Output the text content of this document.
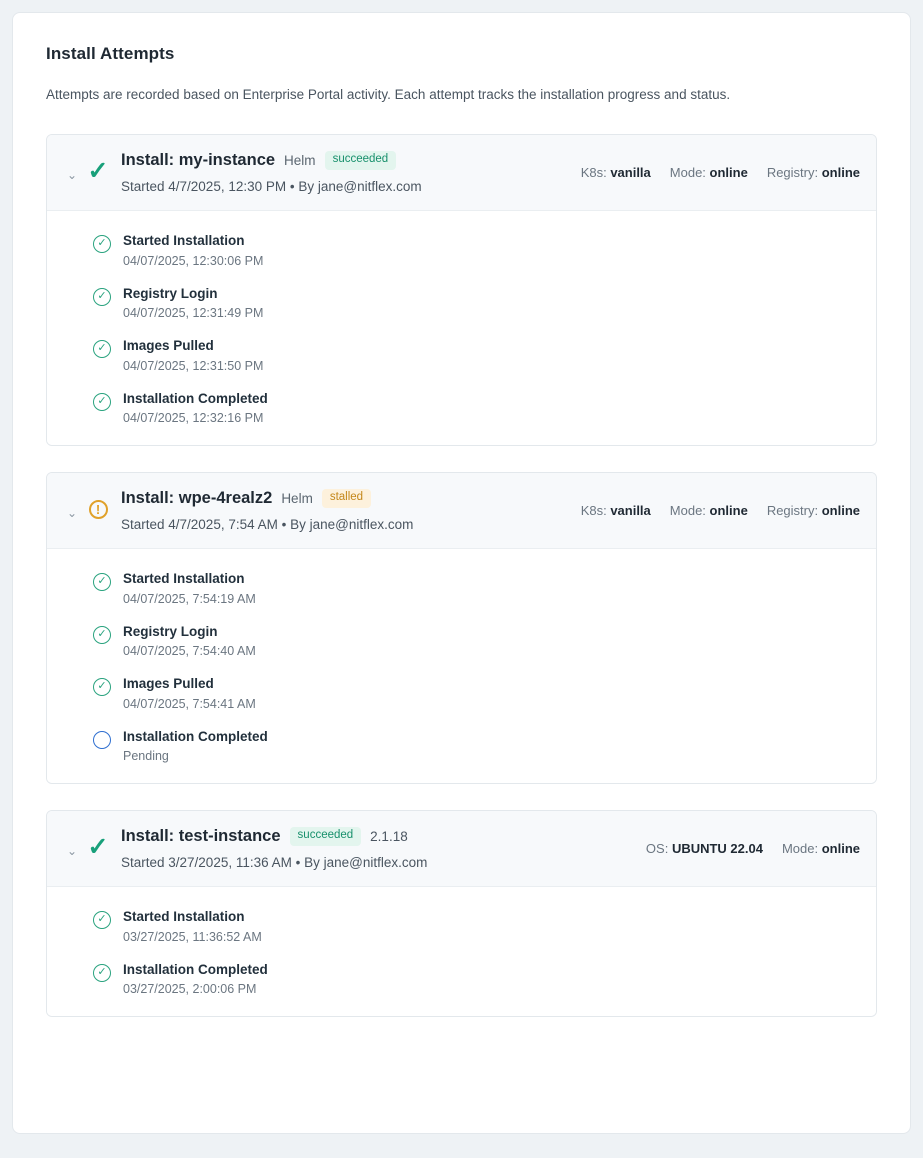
Install Attempts
Attempts are recorded based on Enterprise Portal activity. Each attempt tracks the installation progress and status.
⌄ ✓ Install: my-instance Helm	succeeded
Started 4/7/2025, 12:30 PM • By jane@nitflex.com
K8s: vanilla Mode: online Registry: online
✓	Started Installation
04/07/2025, 12:30:06 PM
✓	Registry Login
04/07/2025, 12:31:49 PM
✓	Images Pulled
04/07/2025, 12:31:50 PM
✓	Installation Completed
04/07/2025, 12:32:16 PM
⌄	!
Install: wpe-4realz2 Helm	stalled
Started 4/7/2025, 7:54 AM • By jane@nitflex.com
K8s: vanilla Mode: online Registry: online
✓	Started Installation
04/07/2025, 7:54:19 AM
✓	Registry Login
04/07/2025, 7:54:40 AM
✓	Images Pulled
04/07/2025, 7:54:41 AM
Installation Completed
Pending
⌄ ✓ Install: test-instance	succeeded	2.1.18
Started 3/27/2025, 11:36 AM • By jane@nitflex.com
OS: UBUNTU 22.04 Mode: online
✓	Started Installation
03/27/2025, 11:36:52 AM
✓	Installation Completed
03/27/2025, 2:00:06 PM
